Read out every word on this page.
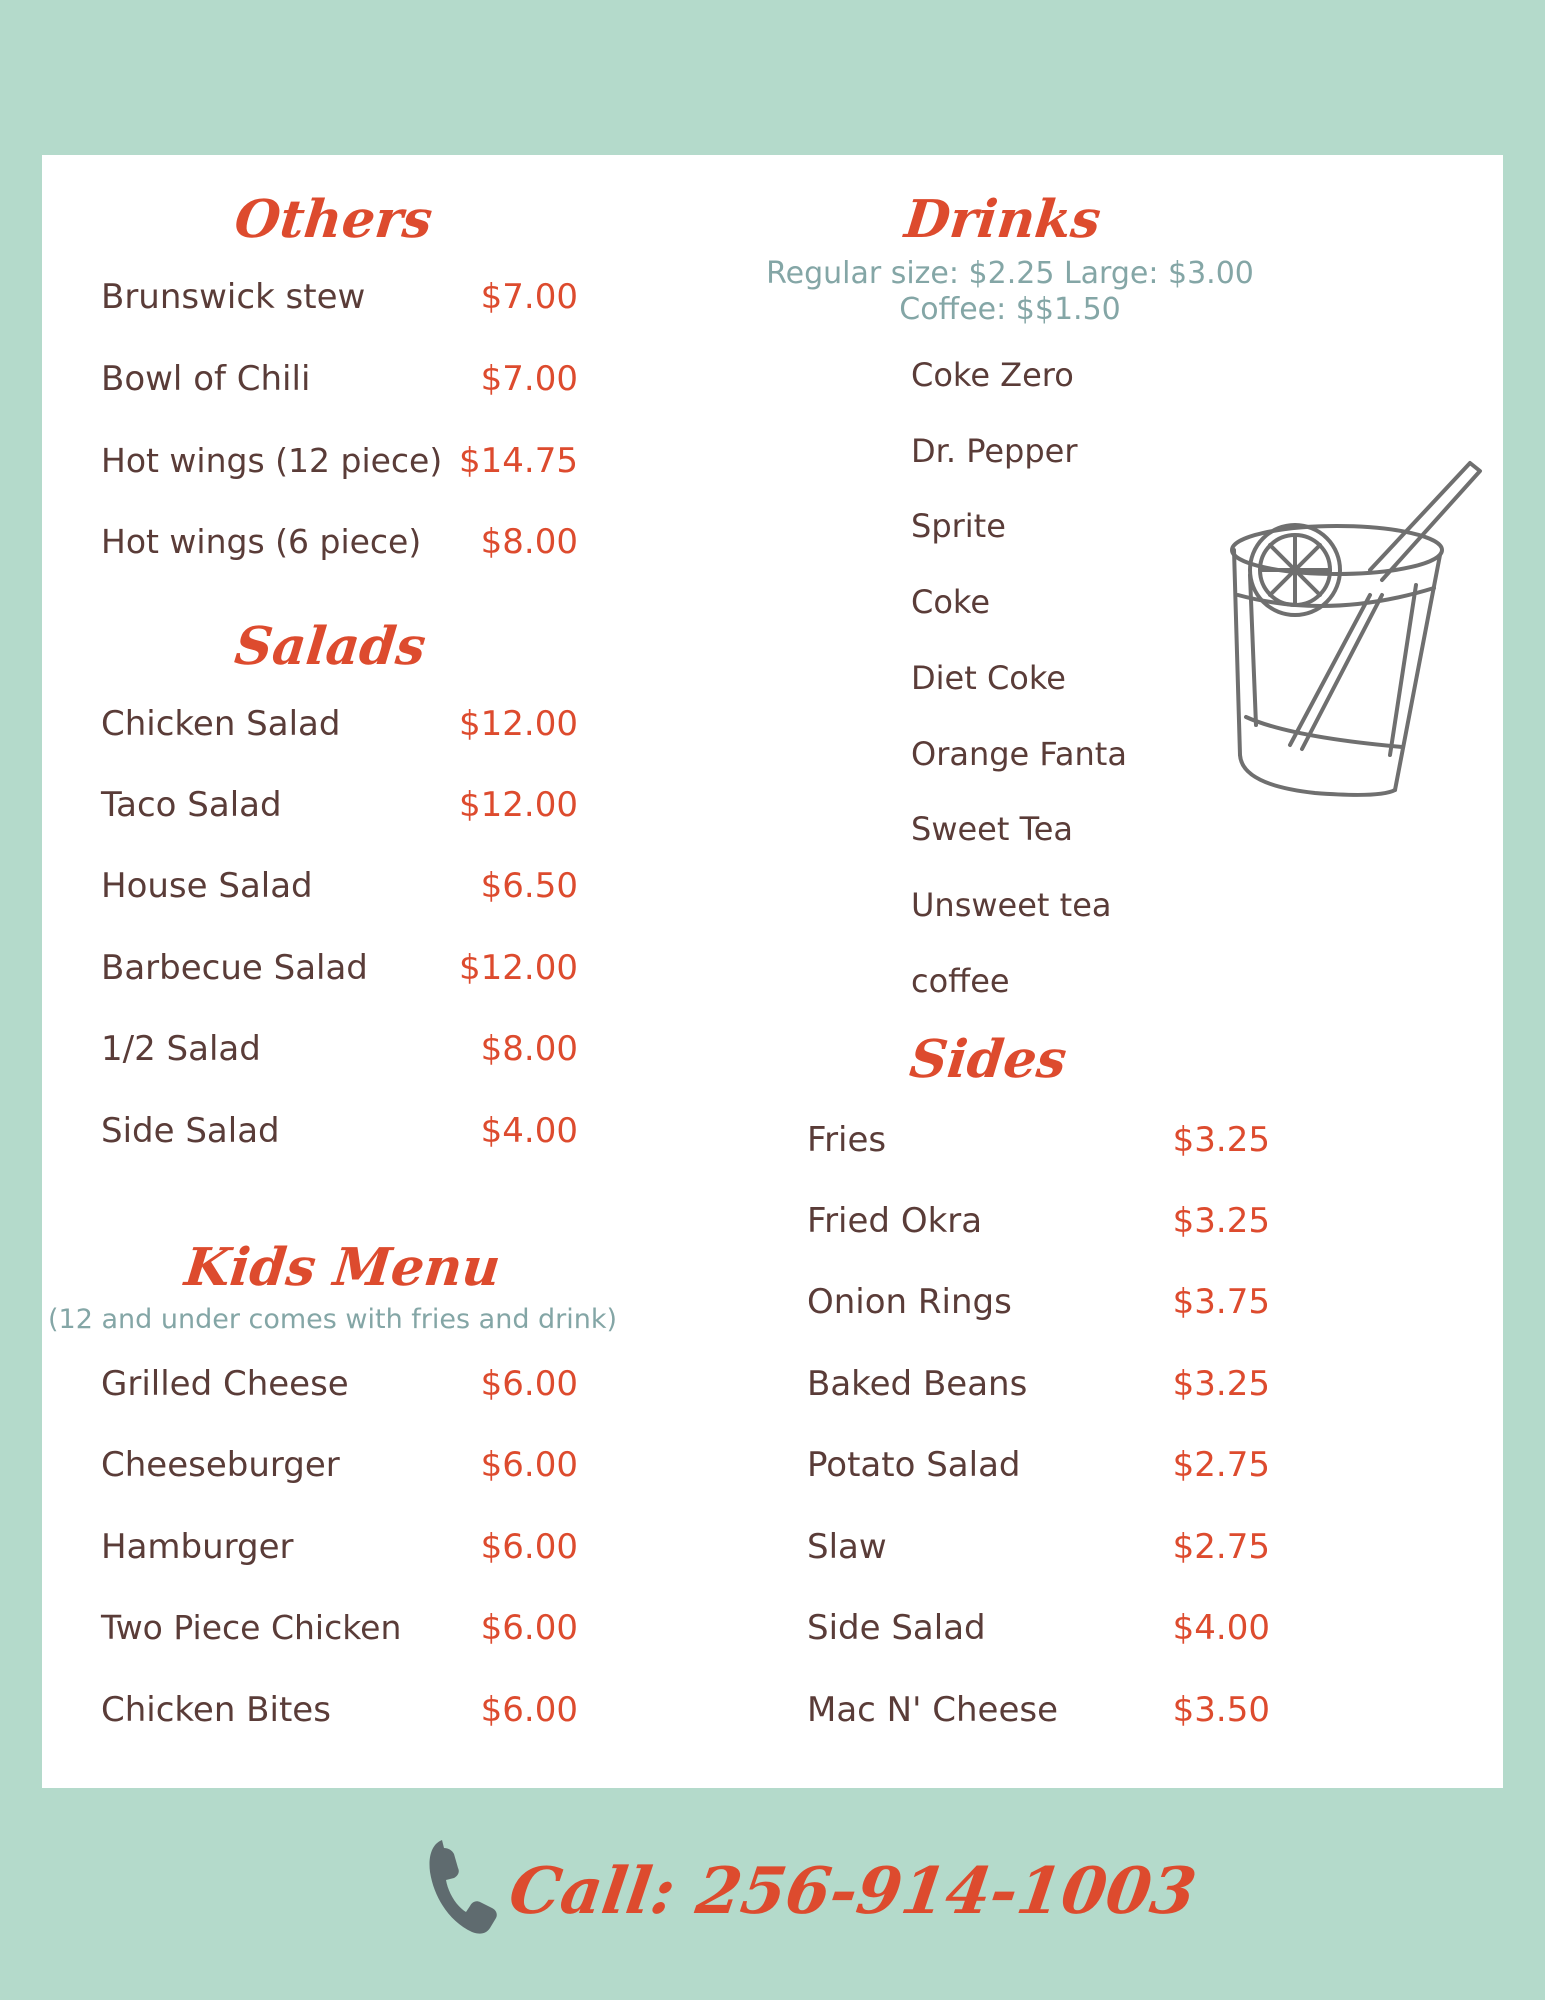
Others
Brunswick stew	$7.00
Bowl of Chili	$7.00
Hot wings (12 piece) $14.75
Hot wings (6 piece)	$8.00
Salads
Chicken Salad	$12.00
Taco Salad	$12.00
House Salad	$6.50
Barbecue Salad	$12.00
1/2 Salad	$8.00
Side Salad	$4.00
Kids Menu
(12 and under comes with fries and drink)
Grilled Cheese	$6.00
Cheeseburger	$6.00
Hamburger	$6.00
Two Piece Chicken	$6.00
Chicken Bites	$6.00
Drinks
Regular size: $2.25 Large: $3.00
Coffee: $$1.50
Coke Zero
Dr. Pepper
Sprite
Coke
Diet Coke
Orange Fanta
Sweet Tea
Unsweet tea
coffee
Sides
Fries	$3.25
Fried Okra	$3.25
Onion Rings	$3.75
Baked Beans	$3.25
Potato Salad	$2.75
Slaw	$2.75
Side Salad	$4.00
Mac N' Cheese	$3.50
Call: 256-914-1003
